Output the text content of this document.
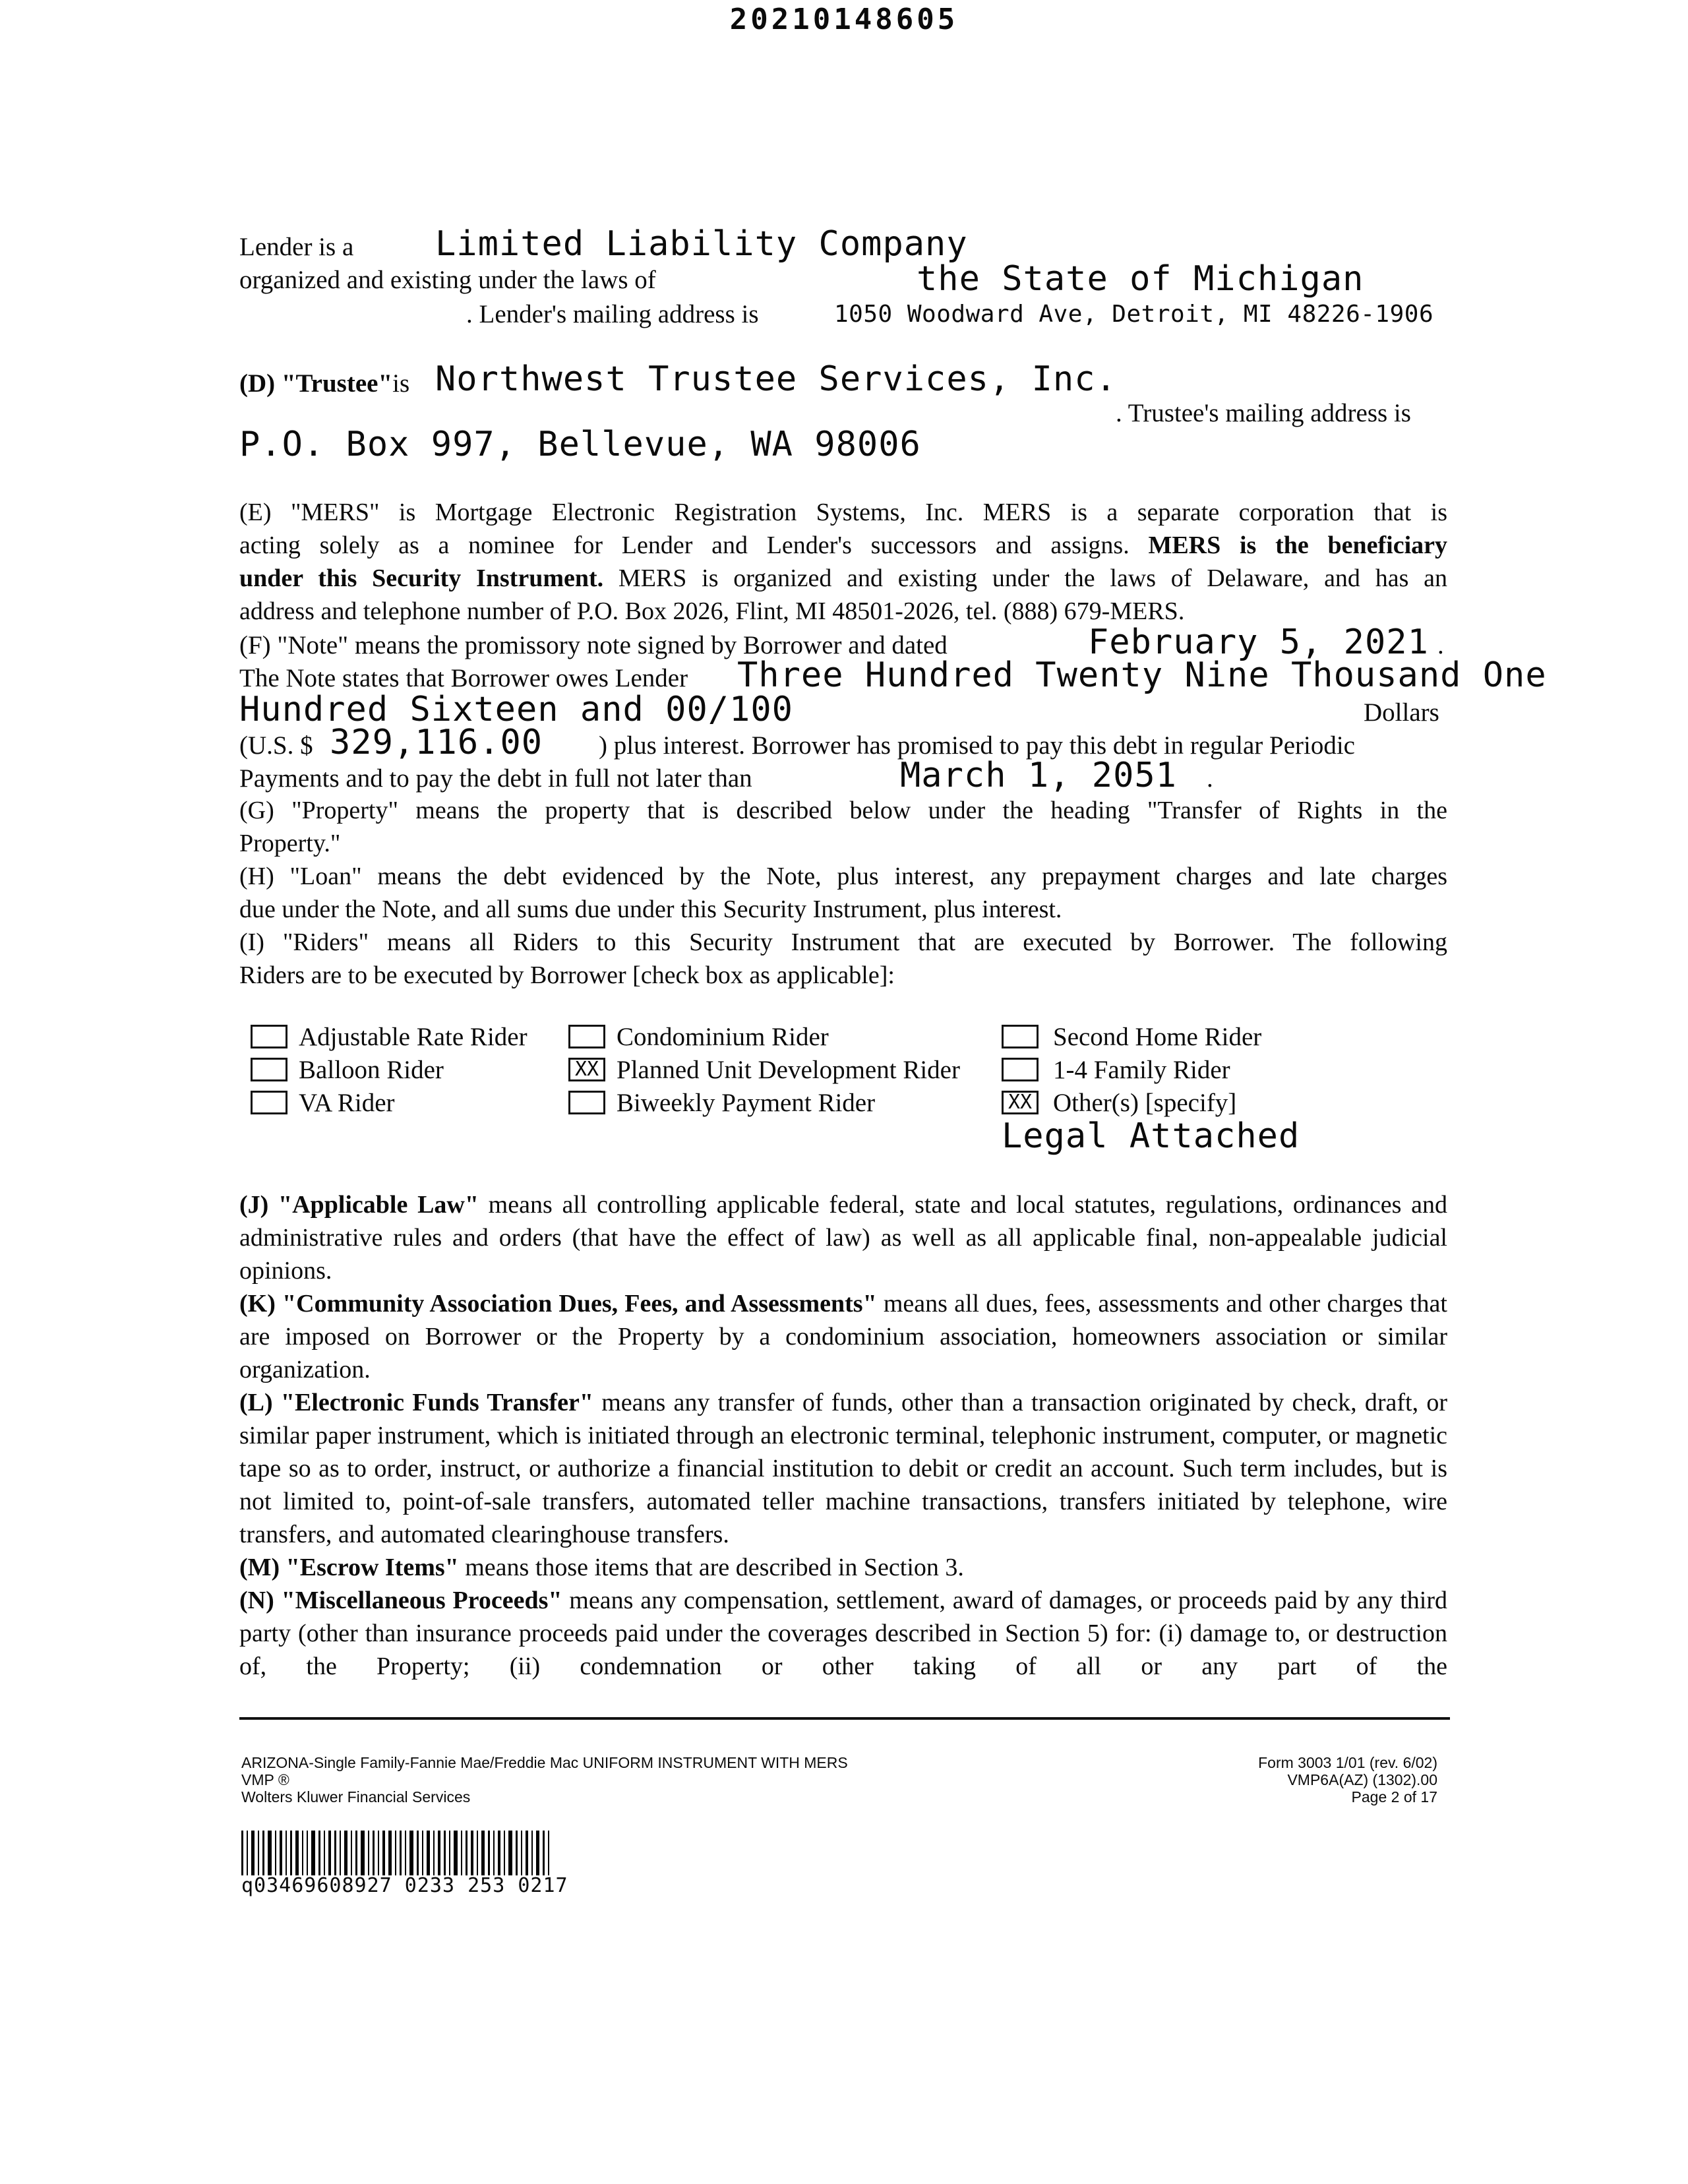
20210148605
Lender is a Limited Liability Company
organized and existing under the laws of	the State of Michigan
. Lender's mailing address is	1050 Woodward Ave, Detroit, MI 48226-1906
(D) "Trustee"is Northwest Trustee Services, Inc.
. Trustee's mailing address is
P.O. Box 997, Bellevue, WA 98006

(E) "MERS" is Mortgage Electronic Registration Systems, Inc. MERS is a separate corporation that is

acting solely as a nominee for Lender and Lender's successors and assigns. MERS is the beneficiary

under this Security Instrument. MERS is organized and existing under the laws of Delaware, and has an

address and telephone number of P.O. Box 2026, Flint, MI 48501-2026, tel. (888) 679-MERS.

(F) "Note" means the promissory note signed by Borrower and dated	February 5, 2021 .
The Note states that Borrower owes Lender Three Hundred Twenty Nine Thousand One
Hundred Sixteen and 00/100	Dollars
(U.S. $ 329,116.00 ) plus interest. Borrower has promised to pay this debt in regular Periodic
Payments and to pay the debt in full not later than	March 1, 2051 .

(G) "Property" means the property that is described below under the heading "Transfer of Rights in the

Property."

(H) "Loan" means the debt evidenced by the Note, plus interest, any prepayment charges and late charges

due under the Note, and all sums due under this Security Instrument, plus interest.

(I) "Riders" means all Riders to this Security Instrument that are executed by Borrower. The following

Riders are to be executed by Borrower [check box as applicable]:

Adjustable Rate Rider	Condominium Rider	Second Home Rider
Balloon Rider	XX Planned Unit Development Rider	1-4 Family Rider
VA Rider	Biweekly Payment Rider	XX Other(s) [specify]
Legal Attached

(J) "Applicable Law" means all controlling applicable federal, state and local statutes, regulations, ordinances and administrative rules and orders (that have the effect of law) as well as all applicable final, non-appealable judicial opinions.

(K) "Community Association Dues, Fees, and Assessments" means all dues, fees, assessments and other charges that are imposed on Borrower or the Property by a condominium association, homeowners association or similar organization.

(L) "Electronic Funds Transfer" means any transfer of funds, other than a transaction originated by check, draft, or similar paper instrument, which is initiated through an electronic terminal, telephonic instrument, computer, or magnetic tape so as to order, instruct, or authorize a financial institution to debit or credit an account. Such term includes, but is not limited to, point-of-sale transfers, automated teller machine transactions, transfers initiated by telephone, wire transfers, and automated clearinghouse transfers.

(M) "Escrow Items" means those items that are described in Section 3.

(N) "Miscellaneous Proceeds" means any compensation, settlement, award of damages, or proceeds paid by any third party (other than insurance proceeds paid under the coverages described in Section 5) for: (i) damage to, or destruction of, the Property; (ii) condemnation or other taking of all or any part of the

ARIZONA-Single Family-Fannie Mae/Freddie Mac UNIFORM INSTRUMENT WITH MERS
VMP ®
Wolters Kluwer Financial Services
Form 3003 1/01 (rev. 6/02)
VMP6A(AZ) (1302).00
Page 2 of 17
q03469608927 0233 253 0217
